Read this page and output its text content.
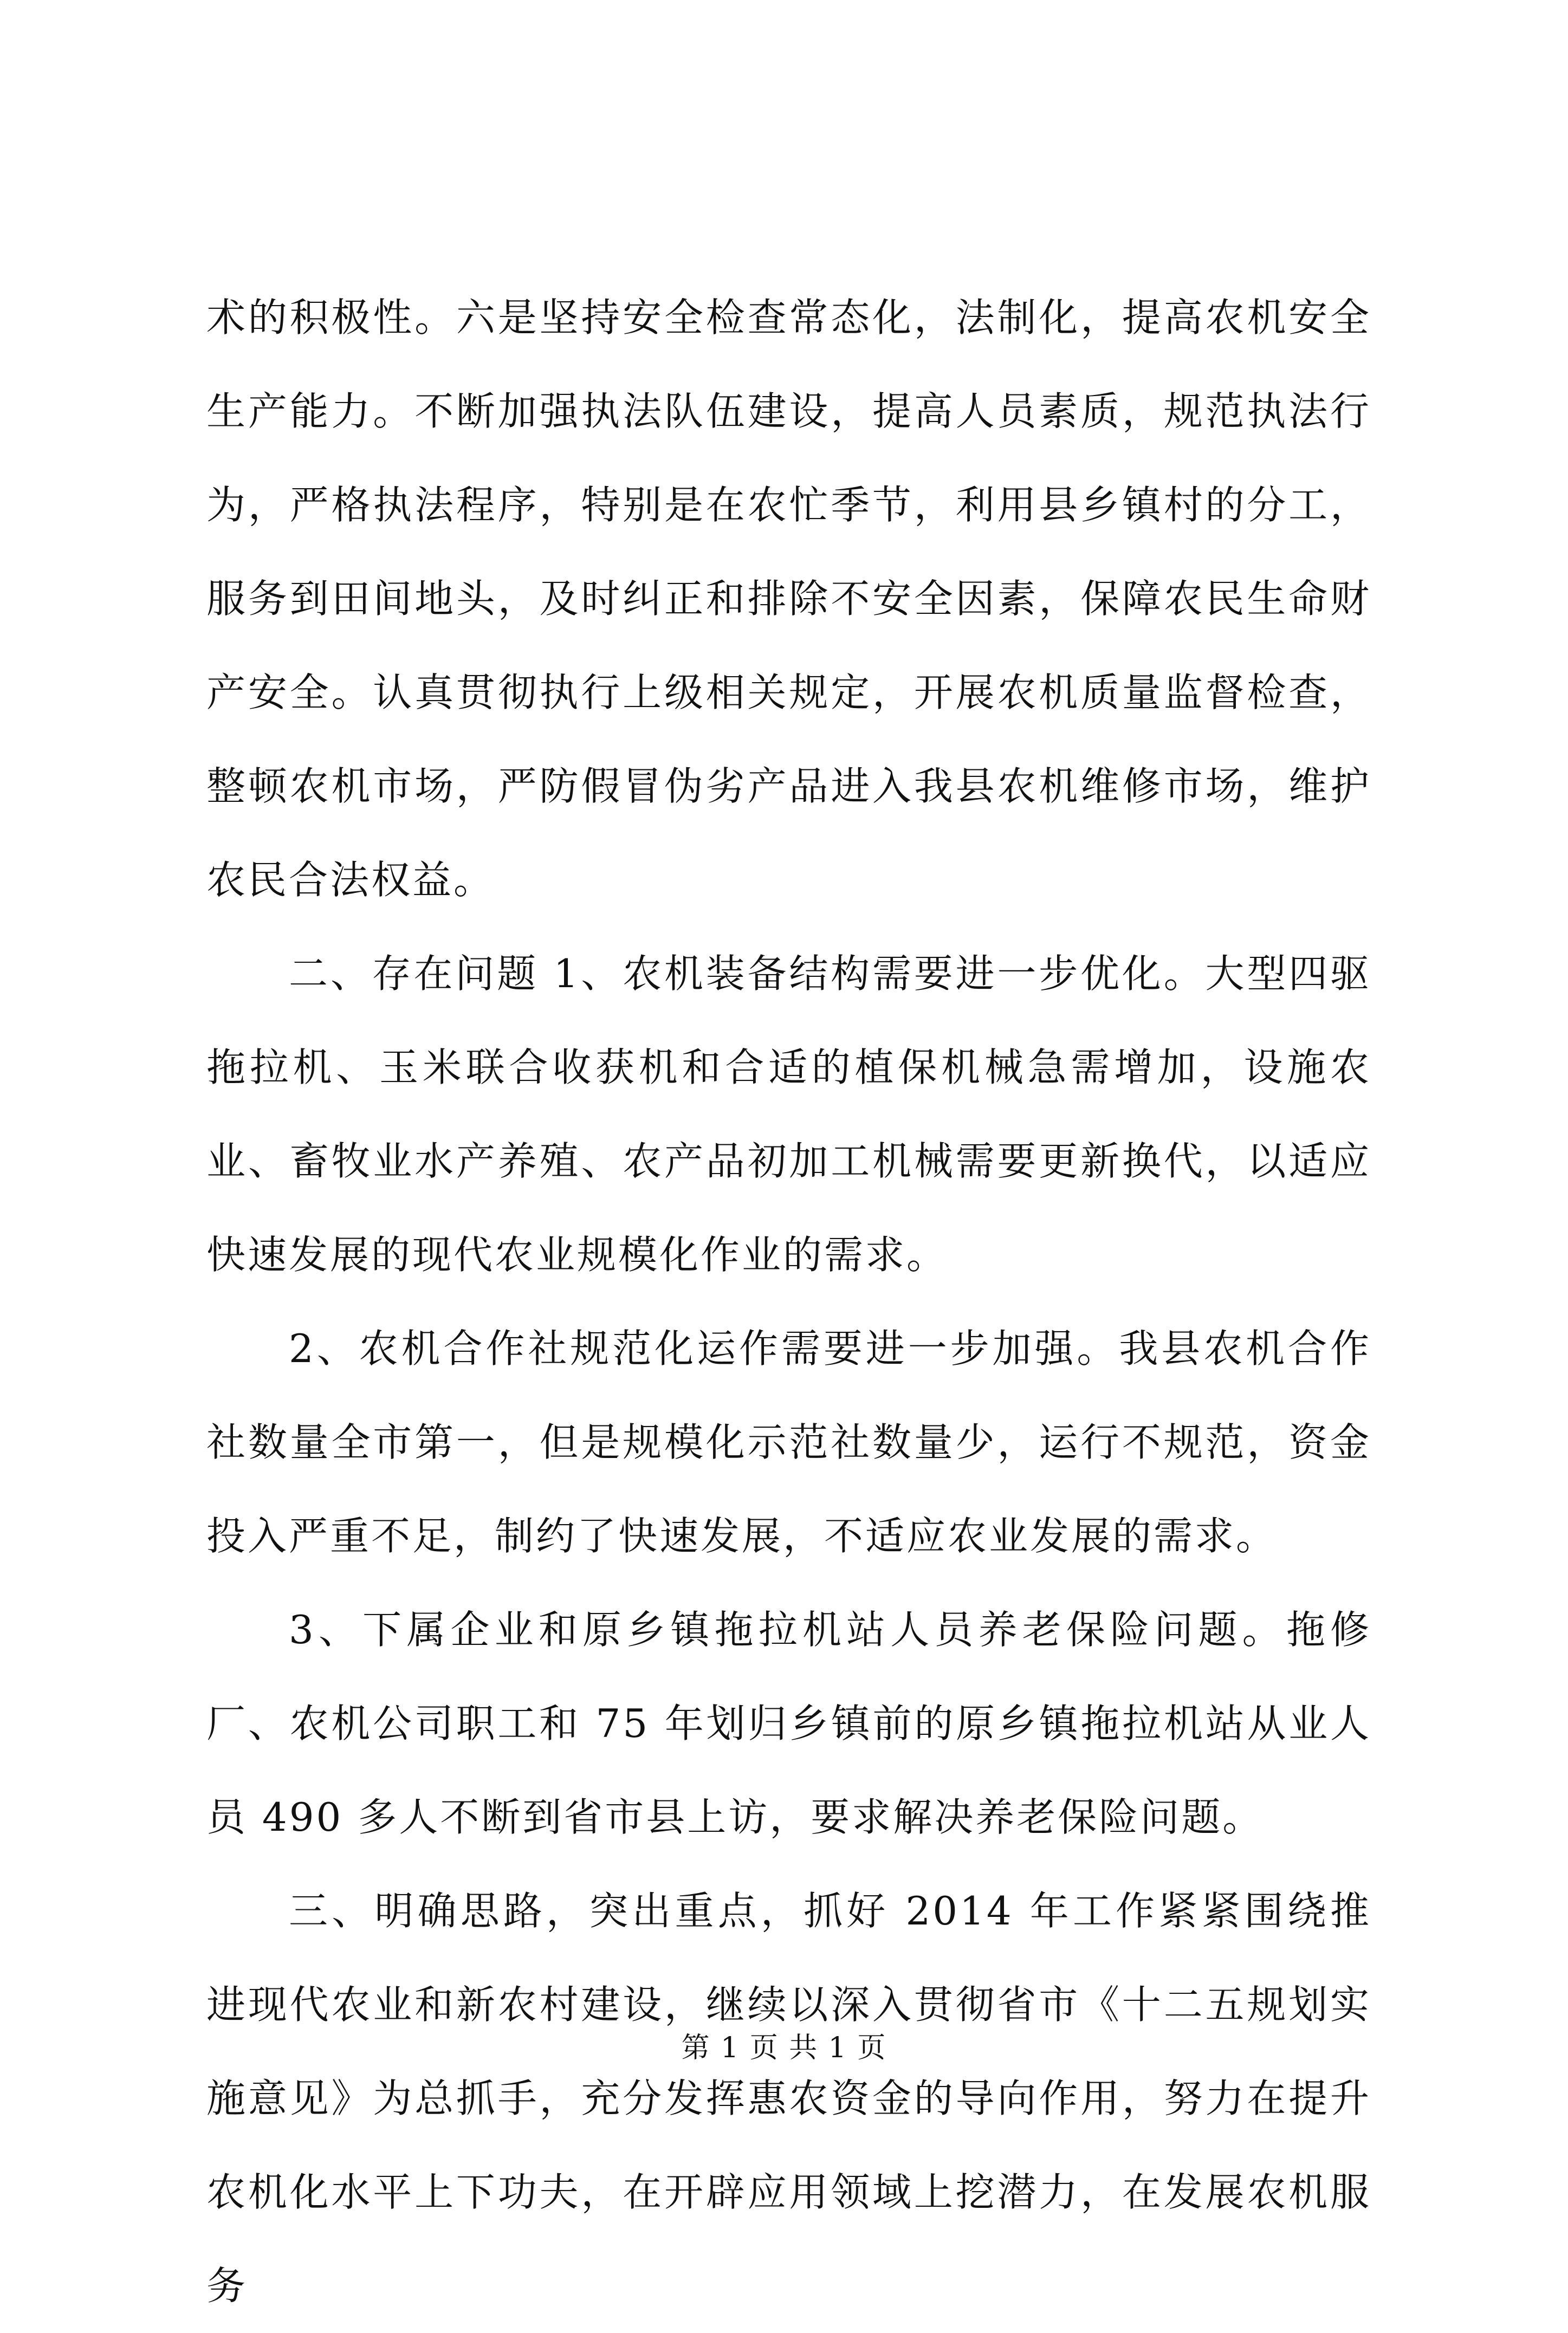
术的积极性。六是坚持安全检查常态化，法制化，提高农机安全生产能力。不断加强执法队伍建设，提高人员素质，规范执法行为，严格执法程序，特别是在农忙季节，利用县乡镇村的分工，服务到田间地头，及时纠正和排除不安全因素，保障农民生命财产安全。认真贯彻执行上级相关规定，开展农机质量监督检查，整顿农机市场，严防假冒伪劣产品进入我县农机维修市场，维护农民合法权益。

二、存在问题 1、农机装备结构需要进一步优化。大型四驱拖拉机、玉米联合收获机和合适的植保机械急需增加，设施农业、畜牧业水产养殖、农产品初加工机械需要更新换代，以适应快速发展的现代农业规模化作业的需求。

2、农机合作社规范化运作需要进一步加强。我县农机合作社数量全市第一，但是规模化示范社数量少，运行不规范，资金投入严重不足，制约了快速发展，不适应农业发展的需求。

3、下属企业和原乡镇拖拉机站人员养老保险问题。拖修厂、农机公司职工和 75 年划归乡镇前的原乡镇拖拉机站从业人员 490 多人不断到省市县上访，要求解决养老保险问题。

三、明确思路，突出重点，抓好 2014 年工作紧紧围绕推进现代农业和新农村建设，继续以深入贯彻省市《十二五规划实施意见》为总抓手，充分发挥惠农资金的导向作用，努力在提升农机化水平上下功夫，在开辟应用领域上挖潜力，在发展农机服务

第 1 页 共 1 页
